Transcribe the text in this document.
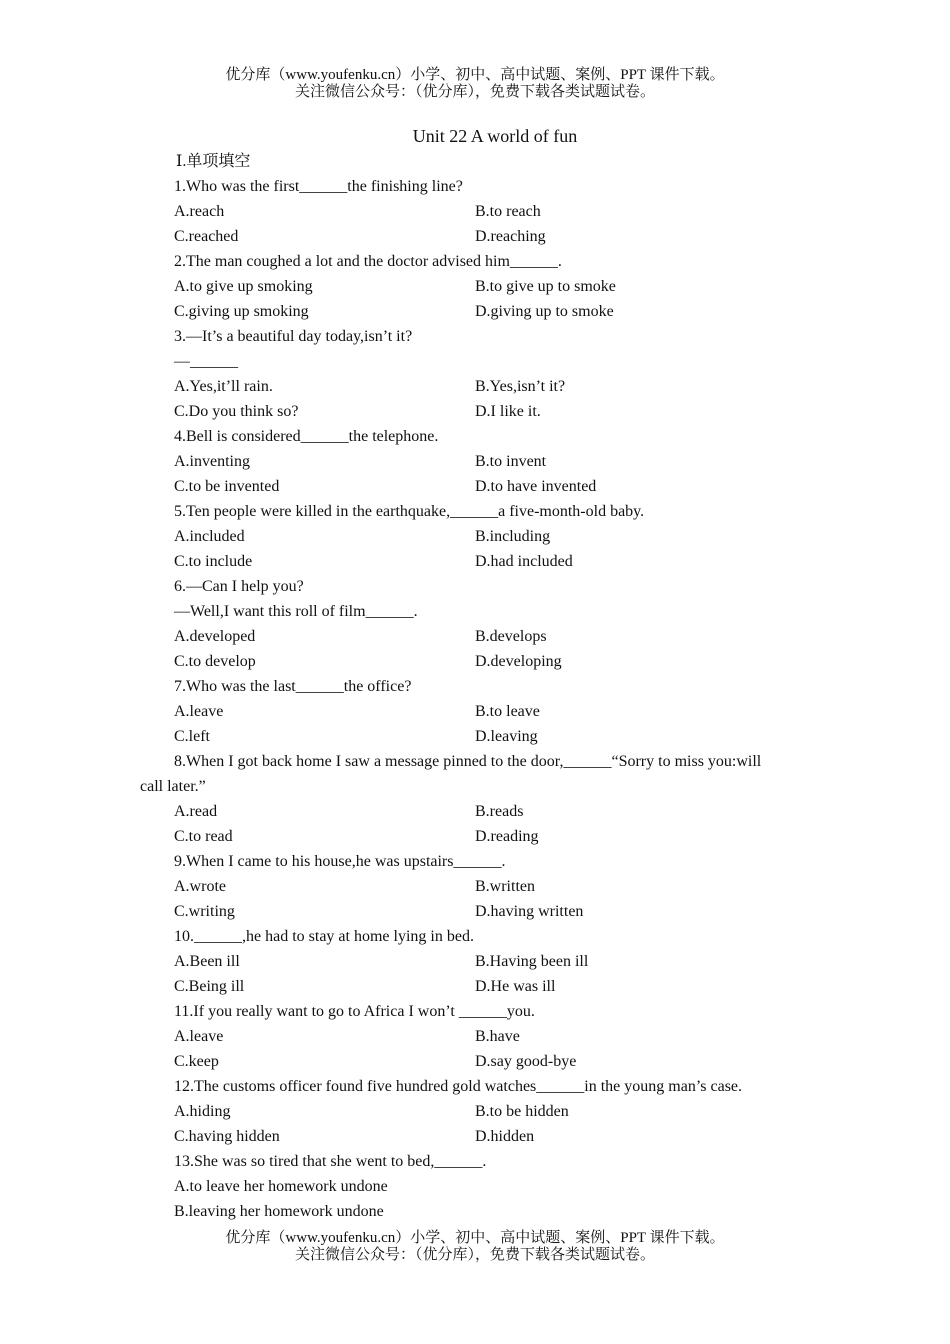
优分库（www.youfenku.cn）小学、初中、高中试题、案例、PPT 课件下载。
关注微信公众号：（优分库），免费下载各类试题试卷。
Unit 22 A world of fun
Ⅰ.单项填空
1.Who was the first______the finishing line?
A.reach	B.to reach
C.reached	D.reaching
2.The man coughed a lot and the doctor advised him______.
A.to give up smoking	B.to give up to smoke
C.giving up smoking	D.giving up to smoke
3.—It’s a beautiful day today,isn’t it?
—______
A.Yes,it’ll rain.	B.Yes,isn’t it?
C.Do you think so?	D.I like it.
4.Bell is considered______the telephone.
A.inventing	B.to invent
C.to be invented	D.to have invented
5.Ten people were killed in the earthquake,______a five-month-old baby.
A.included	B.including
C.to include	D.had included
6.—Can I help you?
—Well,I want this roll of film______.
A.developed	B.develops
C.to develop	D.developing
7.Who was the last______the office?
A.leave	B.to leave
C.left	D.leaving
8.When I got back home I saw a message pinned to the door,______“Sorry to miss you:will
call later.”
A.read	B.reads
C.to read	D.reading
9.When I came to his house,he was upstairs______.
A.wrote	B.written
C.writing	D.having written
10.______,he had to stay at home lying in bed.
A.Been ill	B.Having been ill
C.Being ill	D.He was ill
11.If you really want to go to Africa I won’t ______you.
A.leave	B.have
C.keep	D.say good-bye
12.The customs officer found five hundred gold watches______in the young man’s case.
A.hiding	B.to be hidden
C.having hidden	D.hidden
13.She was so tired that she went to bed,______.
A.to leave her homework undone
B.leaving her homework undone
优分库（www.youfenku.cn）小学、初中、高中试题、案例、PPT 课件下载。
关注微信公众号：（优分库），免费下载各类试题试卷。
